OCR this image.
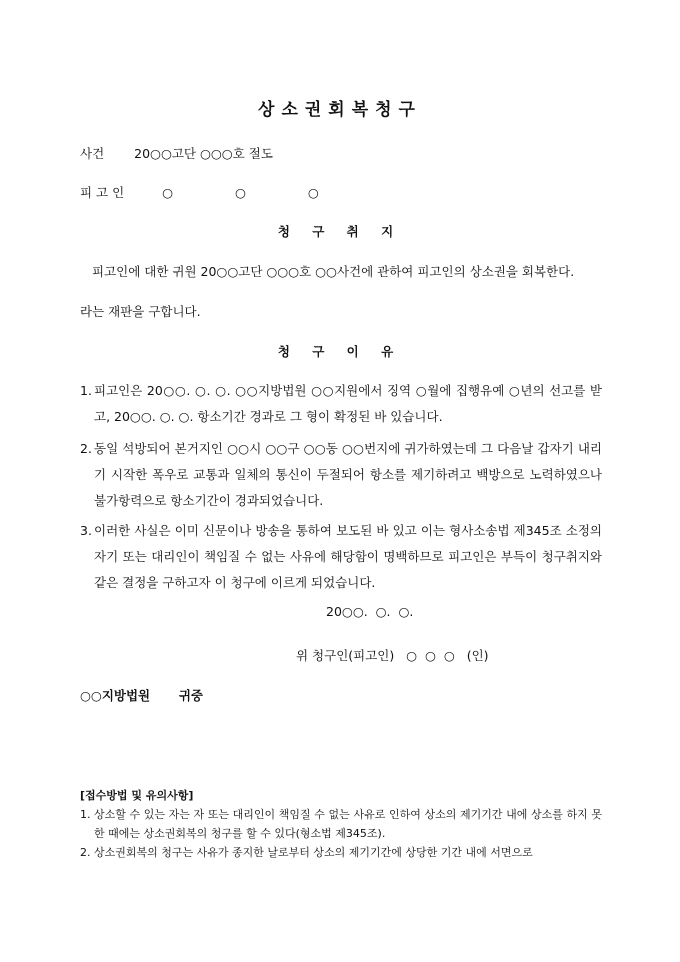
상소권회복청구
사건 20○○고단 ○○○호 절도
피 고 인	○  ○  ○
청 구 취 지
피고인에 대한 귀원 20○○고단 ○○○호 ○○사건에 관하여 피고인의 상소권을 회복한다.
라는 재판을 구합니다.
청 구 이 유
1. 피고인은 20○○. ○. ○. ○○지방법원 ○○지원에서 징역 ○월에 집행유예 ○년의 선고를 받고, 20○○. ○. ○. 항소기간 경과로 그 형이 확정된 바 있습니다.
2. 동일 석방되어 본거지인 ○○시 ○○구 ○○동 ○○번지에 귀가하였는데 그 다음날 갑자기 내리기 시작한 폭우로 교통과 일체의 통신이 두절되어 항소를 제기하려고 백방으로 노력하였으나 불가항력으로 항소기간이 경과되었습니다.
3. 이러한 사실은 이미 신문이나 방송을 통하여 보도된 바 있고 이는 형사소송법 제345조 소정의 자기 또는 대리인이 책임질 수 없는 사유에 해당함이 명백하므로 피고인은 부득이 청구취지와 같은 결정을 구하고자 이 청구에 이르게 되었습니다.
20○○.  ○.  ○.
위 청구인(피고인)   ○  ○  ○   (인)
○○지방법원 귀중
[접수방법 및 유의사항]
1. 상소할 수 있는 자는 자 또는 대리인이 책임질 수 없는 사유로 인하여 상소의 제기기간 내에 상소를 하지 못한 때에는 상소권회복의 청구를 할 수 있다(형소법 제345조).
2. 상소권회복의 청구는 사유가 종지한 날로부터 상소의 제기기간에 상당한 기간 내에 서면으로
